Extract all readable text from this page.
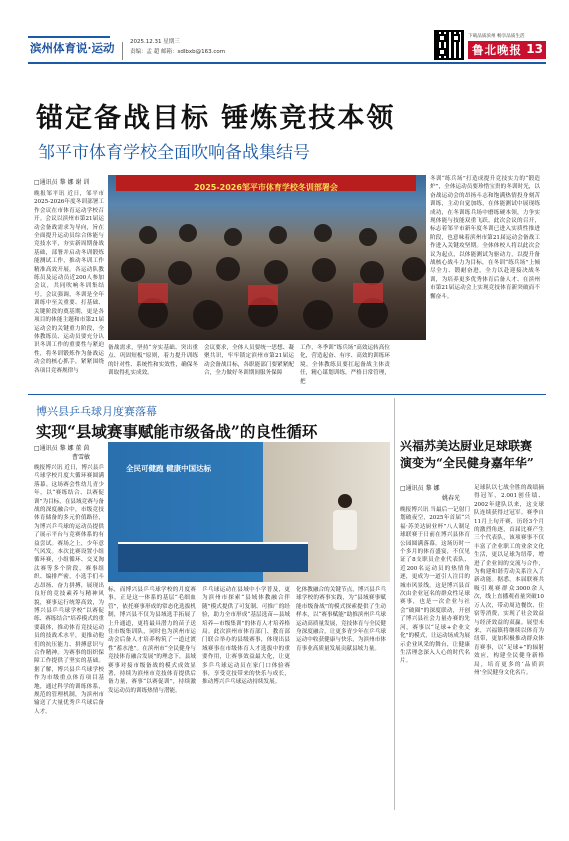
滨州体育说·运动	2025.12.31 星期三
责编：孟 超 邮箱：sdlbxb@163.com
下载品质滨州 畅享品质生活
鲁北晚报 13
锚定备战目标 锤炼竞技本领
邹平市体育学校全面吹响备战集结号
□通讯员 黎 娜 谢 训
2025-2026邹平市体育学校冬训部署会
晚报邹平讯 近日，邹平市2025-2026年度冬训部署工作会议在市体育运动学校召开。会议以滨州市第21届运动会备战需求为导向，旨在全面提升运动员综合体能与竞技水平，夯实新周期备战基础，部署并启动冬训锻炼能测试工作，推动冬训工作精准高效开展。各运动队教练员及运动员近200人参加会议，共同吹响冬训集结号。会议强调，冬训是全年训练中至关重要、打基础、关键阶段的奠基期，更是各项目的体能主题和市第21届运动会的关键重力阶段，全体教练员、运动员要充分认识冬训工作的重要性与紧迫性，将冬训锻炼作为备战运动会的核心抓手，紧紧围绕各项目竞赛规律与
备战需求，坚持“夯实基础、突出重点、巩固短板”原则，着力提升训练的针对性、系统性和实效性，确保冬训取得扎实成效。
会议要求，全体人员要统一思想、凝聚共识，牢牢锁定滨州市第21届运动会备战目标，各职能部门要紧紧配合，全力做好冬训期间服务保障
工作，冬季训“练兵场”高效运转高位化，营造起奋、有序、高效的训练环境。全体教练员要扛起备战主体责任，精心谋划训练，严格日常管理，把
冬训“练兵场”打造成提升竞技实力的“锻造炉”，全体运动员要珍惜宝贵的冬训时光，以奋战运动会的昂扬斗志和饱满热情投身刻苦训练，主动自觉加练，在体能测试中展现练成功，在冬训练兵场中磨练硬本领，力争实现体能与技能双重飞跃。此次会议的召开，标志着邹平市新年度冬训已进入实质性推进阶段，也意味着滨州市第21届运动会备战工作进入关键攻坚期。全体体校人将以此次会议为起点，以体能测试为驱动力，以提升备战核心战斗力为目标，在冬训“练兵场”上倾尽全力、锻耐奋进，全力以赴迎接决战冬训，为培养更多优秀体育后备人才、在滨州市第21届运动会上实现竞技体育新突破而不懈奋斗。
博兴县乒乓球月度赛落幕
实现“县域赛事赋能市级备战”的良性循环
□通讯员 黎 娜 董 茵
曹雪敏
全民可健跑 健康中国达标
晚报博兴讯 近日，博兴县乒乓球学校月度大循环赛圆满落幕。这场赛会性幼儿青少年，以“赛练结合、以赛促训”为目标，在县域竞赛与备战的深度融合中，市级竞技体育储备的多元价值路径，为博兴乒乓球的运动员提供了展示平台与竞赛体系的有益尝试。赛场之上，少年意气风发。本次比赛设置小组循环赛，小组循环、交叉淘汰赛等多个阶段，赛事组织、编排严密，小选手们斗志昂扬、奋力拼搏，展现出良好的竞技素养与精神风貌，赛事运行统筹高效，为博兴县乒乓球学校“以赛促练、赛练结合”培养模式的重要载体，推动体育竞技运动员的技战术水平，更推动他们的抗压能力、拼搏意识与合作精神。为赛事的组织保障工作提供了坚实的基础。据了解，博兴县乒乓球学校作为市级重点体育项目基地，通过科学的训练体系，规范的管理机制，为滨州市输送了大量优秀乒乓球后备人才。
标，而博兴县乒乓球学校的月度赛事，正是这一体系的基层“毛细血管”，依托赛事形成的常态化选拔机制，博兴县不仅为县域选手拓展了上升通道，更将最具潜力的苗子送往市级集训队，同时也为滨州市运动会后备人才培养构筑了一道过渡性“蓄水池”。在滨州市“全民健身与竞技体育融合发展”的理念下，县域赛事对接市级备战的模式成效显著，持续为滨州市竞技体育提供后备力量，赛事“以赛促训”，持续激发运动员的训练热情与潜能。
乒乓球运动在县域中小学普及，更为滨州市探索“县域体教融合伴随”模式提供了可复制、可推广的经验，助力全市形成“基层选苗—县域培养—市级集训”的体育人才培养格局。此次滨州市体育部门、教育部门联合举办的县级赛事，体现出县域赛事在市级体育人才选拔中的重要作用，让赛事效益最大化，让更多乒乓球运动员在家门口体验赛事，享受竞技带来的快乐与成长，推动博兴乒乓球运动持续发展。
化体教融合的关键节点，博兴县乒乓球学校的赛事实践，为“县域赛事赋能市级备战”的模式探索提供了生动样本，以“赛事赋能”助推滨州乒乓球运动高质量发展，竞技体育与全民健身深度融合，让更多青少年在乒乓球运动中收获健康与快乐，为滨州市体育事业高质量发展贡献县域力量。
兴福苏美达厨业足球联赛
演变为“全民健身嘉年华”
□通讯员 黎 娜
姚春光
晚报博兴讯 当最后一记射门划破夜空，2025年首届“兴福·苏美达厨业杯”八人制足球联赛于日前在博兴县体育公园圆满落幕。这场历时一个多月的体育盛宴，不仅见证了8支职员企业代表队、近200名运动员的热情角逐，更成为一道引人注目的城市风景线。这是博兴县首次由企业冠名的群众性足球赛事，也是一次企业与社会“破圈”的深度联动，开创了博兴县社会力量办赛的先河，赛事以“足球+企业文化”的模式，让运动场成为展示企业风采的舞台，让健康生活理念深入人心的时代名片。
足球队以七战全胜的战绩摘得冠军，2.001创佳绩、2002年建队以来，这支球队连续获得过冠军。赛季自11月上旬开赛，历经3个月的激烈角逐，首届比赛产生三个代表队，该项赛事不仅丰富了企业职工的业余文化生活，更以足球为纽带，增进了企业间的交流与合作，为构建和谐劳动关系注入了新动能。据悉，本届联赛共吸引观赛群众3000余人次，线上直播观看量突破10万人次，带动周边餐饮、住宿等消费，实现了社会效益与经济效益的双赢。展望未来，兴福镇将继续以体育为纽带，更加积极推动群众体育赛事，以“足球+”的辐射效应，构建全民健身新格局，培育更多的‘品质滨州’全民健身文化名片。
